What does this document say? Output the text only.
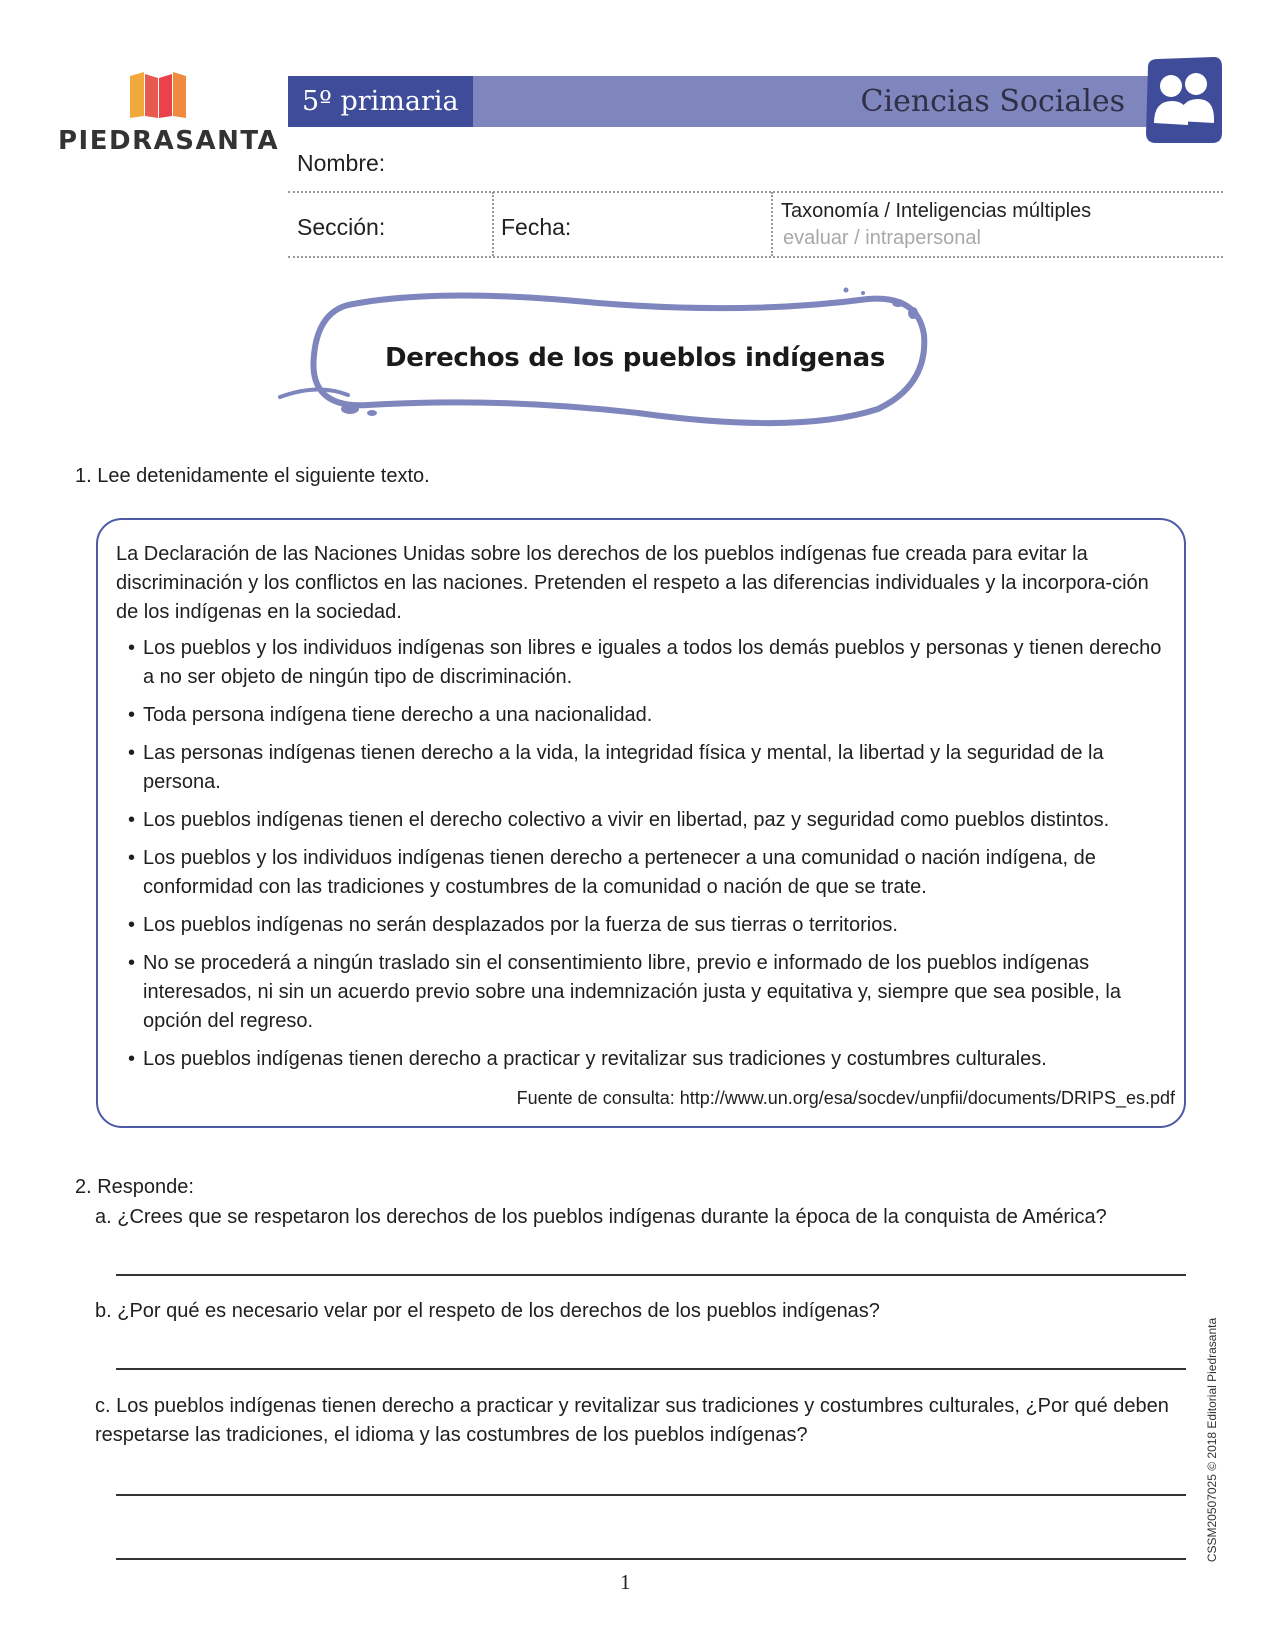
PIEDRASANTA
5º primaria	Ciencias Sociales
Nombre:
Sección:	Fecha:
Taxonomía / Inteligencias múltiples
evaluar / intrapersonal
Derechos de los pueblos indígenas
1. Lee detenidamente el siguiente texto.
La Declaración de las Naciones Unidas sobre los derechos de los pueblos indígenas fue creada para evitar la discriminación y los conflictos en las naciones. Pretenden el respeto a las diferencias individuales y la incorpora-ción de los indígenas en la sociedad.
• Los pueblos y los individuos indígenas son libres e iguales a todos los demás pueblos y personas y tienen derecho a no ser objeto de ningún tipo de discriminación.
• Toda persona indígena tiene derecho a una nacionalidad.
• Las personas indígenas tienen derecho a la vida, la integridad física y mental, la libertad y la seguridad de la persona.
• Los pueblos indígenas tienen el derecho colectivo a vivir en libertad, paz y seguridad como pueblos distintos.
• Los pueblos y los individuos indígenas tienen derecho a pertenecer a una comunidad o nación indígena, de conformidad con las tradiciones y costumbres de la comunidad o nación de que se trate.
• Los pueblos indígenas no serán desplazados por la fuerza de sus tierras o territorios.
• No se procederá a ningún traslado sin el consentimiento libre, previo e informado de los pueblos indígenas interesados, ni sin un acuerdo previo sobre una indemnización justa y equitativa y, siempre que sea posible, la opción del regreso.
• Los pueblos indígenas tienen derecho a practicar y revitalizar sus tradiciones y costumbres culturales.
Fuente de consulta: http://www.un.org/esa/socdev/unpfii/documents/DRIPS_es.pdf
2. Responde:
a. ¿Crees que se respetaron los derechos de los pueblos indígenas durante la época de la conquista de América?
b. ¿Por qué es necesario velar por el respeto de los derechos de los pueblos indígenas?
c. Los pueblos indígenas tienen derecho a practicar y revitalizar sus tradiciones y costumbres culturales, ¿Por qué deben respetarse las tradiciones, el idioma y las costumbres de los pueblos indígenas?
1
CSSM20507025 © 2018 Editorial Piedrasanta
